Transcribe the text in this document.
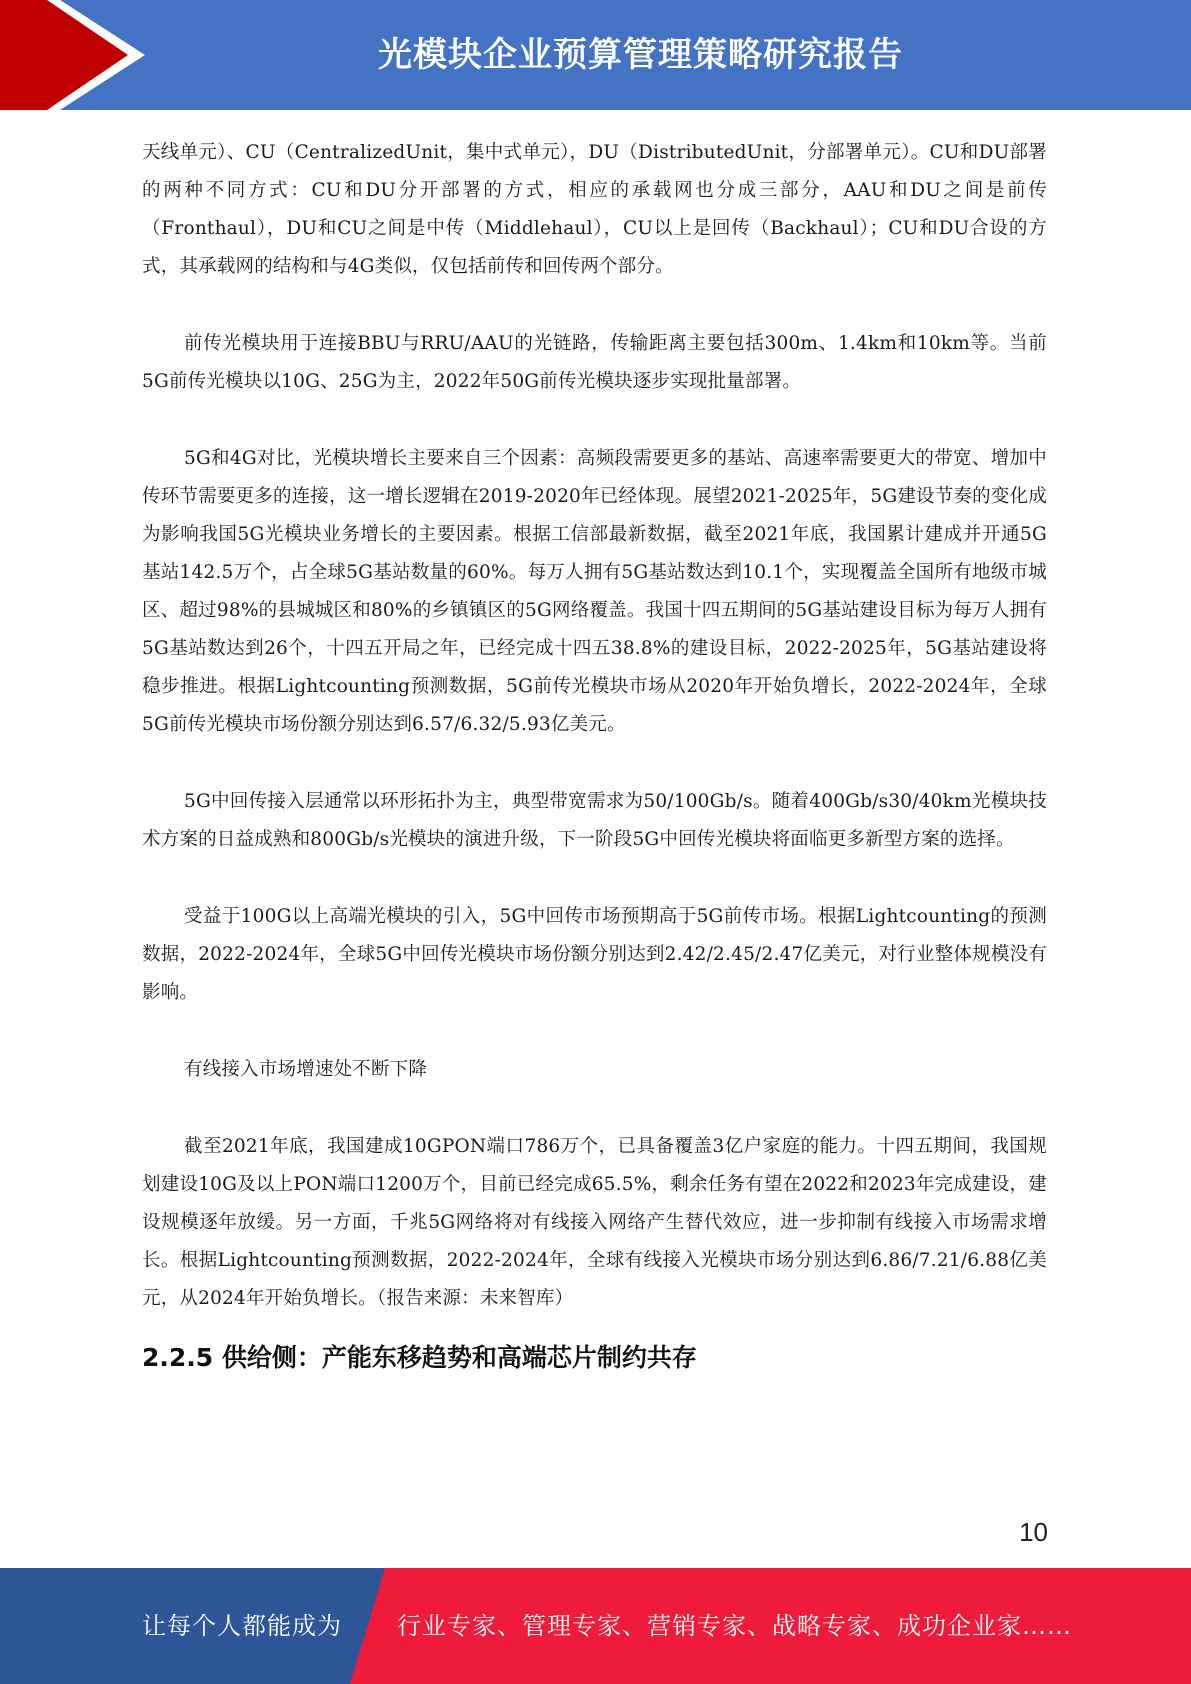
光模块企业预算管理策略研究报告

天线单元）、CU（CentralizedUnit，集中式单元），DU（DistributedUnit，分部署单元）。CU和DU部署的两种不同方式：CU和DU分开部署的方式，相应的承载网也分成三部分，AAU和DU之间是前传（Fronthaul），DU和CU之间是中传（Middlehaul），CU以上是回传（Backhaul）；CU和DU合设的方式，其承载网的结构和与4G类似，仅包括前传和回传两个部分。

前传光模块用于连接BBU与RRU/AAU的光链路，传输距离主要包括300m、1.4km和10km等。当前5G前传光模块以10G、25G为主，2022年50G前传光模块逐步实现批量部署。

5G和4G对比，光模块增长主要来自三个因素：高频段需要更多的基站、高速率需要更大的带宽、增加中传环节需要更多的连接，这一增长逻辑在2019-2020年已经体现。展望2021-2025年，5G建设节奏的变化成为影响我国5G光模块业务增长的主要因素。根据工信部最新数据，截至2021年底，我国累计建成并开通5G基站142.5万个，占全球5G基站数量的60%。每万人拥有5G基站数达到10.1个，实现覆盖全国所有地级市城区、超过98%的县城城区和80%的乡镇镇区的5G网络覆盖。我国十四五期间的5G基站建设目标为每万人拥有5G基站数达到26个，十四五开局之年，已经完成十四五38.8%的建设目标，2022-2025年，5G基站建设将稳步推进。根据Lightcounting预测数据，5G前传光模块市场从2020年开始负增长，2022-2024年，全球5G前传光模块市场份额分别达到6.57/6.32/5.93亿美元。

5G中回传接入层通常以环形拓扑为主，典型带宽需求为50/100Gb/s。随着400Gb/s30/40km光模块技术方案的日益成熟和800Gb/s光模块的演进升级，下一阶段5G中回传光模块将面临更多新型方案的选择。

受益于100G以上高端光模块的引入，5G中回传市场预期高于5G前传市场。根据Lightcounting的预测数据，2022-2024年，全球5G中回传光模块市场份额分别达到2.42/2.45/2.47亿美元，对行业整体规模没有影响。

有线接入市场增速处不断下降

截至2021年底，我国建成10GPON端口786万个，已具备覆盖3亿户家庭的能力。十四五期间，我国规划建设10G及以上PON端口1200万个，目前已经完成65.5%，剩余任务有望在2022和2023年完成建设，建设规模逐年放缓。另一方面，千兆5G网络将对有线接入网络产生替代效应，进一步抑制有线接入市场需求增长。根据Lightcounting预测数据，2022-2024年，全球有线接入光模块市场分别达到6.86/7.21/6.88亿美元，从2024年开始负增长。（报告来源：未来智库）

2.2.5 供给侧：产能东移趋势和高端芯片制约共存
10
让每个人都能成为 行业专家、管理专家、营销专家、战略专家、成功企业家……
